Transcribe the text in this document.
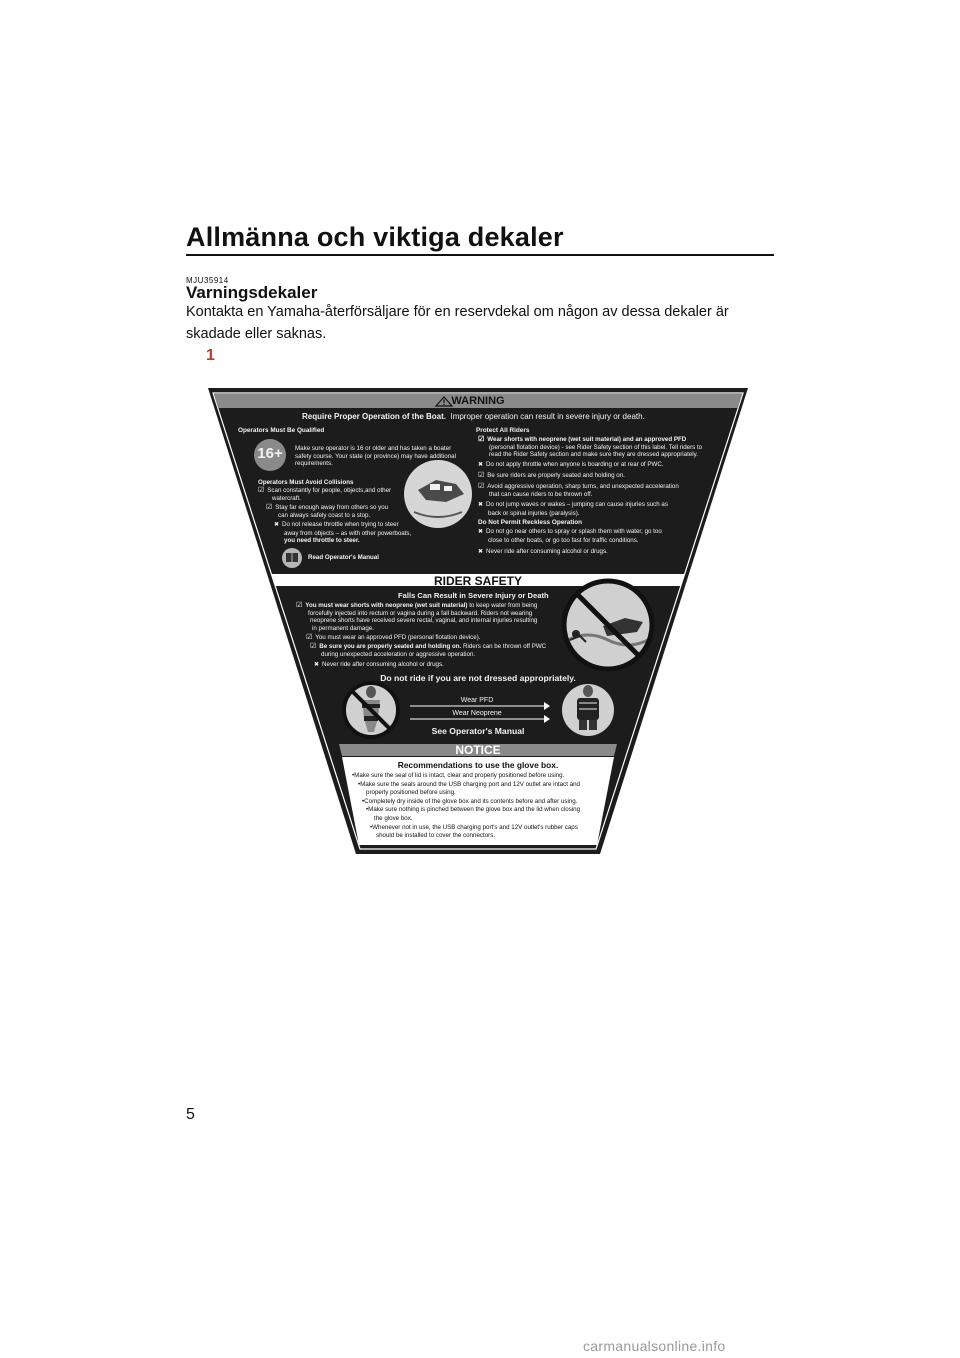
Allmänna och viktiga dekaler
MJU35914
Varningsdekaler
Kontakta en Yamaha-återförsäljare för en reservdekal om någon av dessa dekaler är skadade eller saknas.
1
WARNING
Require Proper Operation of the Boat. Improper operation can result in severe injury or death.
Operators Must Be Qualified
16+	Make sure operator is 16 or older and has taken a boater
safety course. Your state (or province) may have additional
requirements.
Operators Must Avoid Collisions
☑ Scan constantly for people, objects,and other
watercraft.
☑ Stay far enough away from others so you
can always safely coast to a stop.
✖ Do not release throttle when trying to steer
away from objects – as with other powerboats,
you need throttle to steer.
Read Operator's Manual
Protect All Riders
☑ Wear shorts with neoprene (wet suit material) and an approved PFD
(personal flotation device) - see Rider Safety section of this label. Tell riders to
read the Rider Safety section and make sure they are dressed appropriately.
✖ Do not apply throttle when anyone is boarding or at rear of PWC.
☑ Be sure riders are properly seated and holding on.
☑ Avoid aggressive operation, sharp turns, and unexpected acceleration
that can cause riders to be thrown off.
✖ Do not jump waves or wakes – jumping can cause injuries such as
back or spinal injuries (paralysis).
Do Not Permit Reckless Operation
✖ Do not go near others to spray or splash them with water, go too
close to other boats, or go too fast for traffic conditions.
✖ Never ride after consuming alcohol or drugs.
RIDER SAFETY
Falls Can Result in Severe Injury or Death
☑ You must wear shorts with neoprene (wet suit material) to keep water from being
forcefully injected into rectum or vagina during a fall backward. Riders not wearing
neoprene shorts have received severe rectal, vaginal, and internal injuries resulting
in permanent damage.
☑ You must wear an approved PFD (personal flotation device).
☑ Be sure you are properly seated and holding on. Riders can be thrown off PWC
during unexpected acceleration or aggressive operation.
✖ Never ride after consuming alcohol or drugs.
Do not ride if you are not dressed appropriately.
Wear PFD
Wear Neoprene
See Operator's Manual
NOTICE
Recommendations to use the glove box.
•Make sure the seal of lid is intact, clear and properly positioned before using.
•Make sure the seals around the USB charging port and 12V outlet are intact and
properly positioned before using.
•Completely dry inside of the glove box and its contents before and after using.
•Make sure nothing is pinched between the glove box and the lid when closing
the glove box.
•Whenever not in use, the USB charging port's and 12V outlet's rubber caps
should be installed to cover the connectors.
5
carmanualsonline.info
